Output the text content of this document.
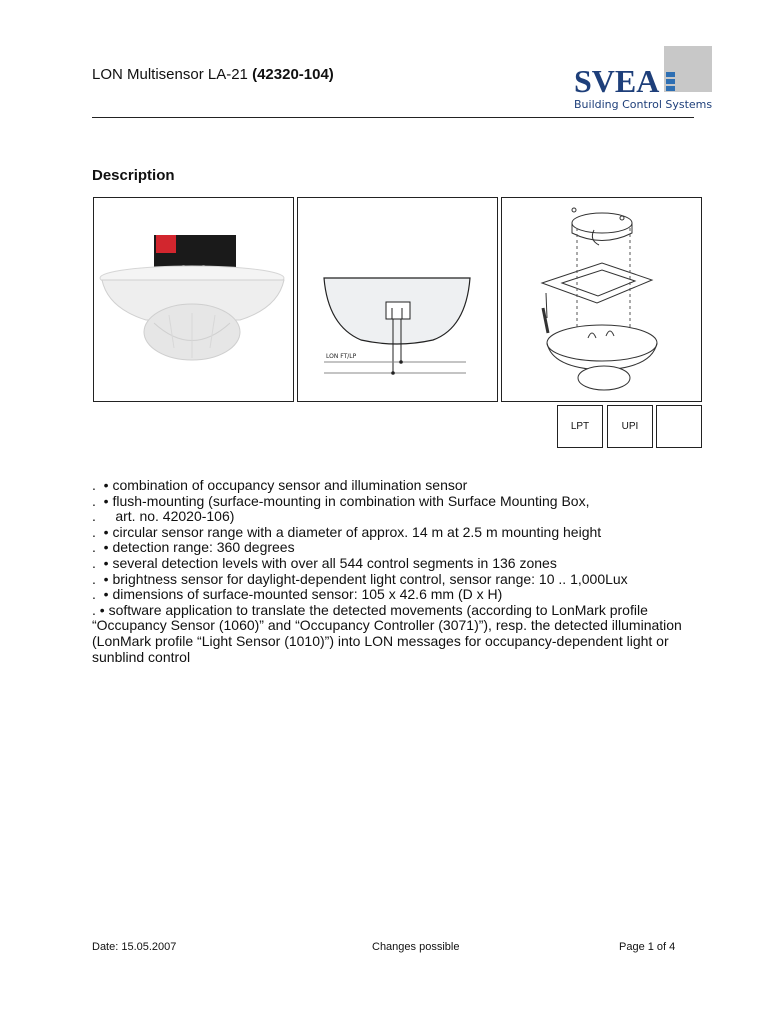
LON Multisensor LA-21 (42320-104)	SVEA
Building Control Systems
Description
LON FT/LP
LPT	UPI
.  • combination of occupancy sensor and illumination sensor
.  • flush-mounting (surface-mounting in combination with Surface Mounting Box,
.     art. no. 42020-106)
.  • circular sensor range with a diameter of approx. 14 m at 2.5 m mounting height
.  • detection range: 360 degrees
.  • several detection levels with over all 544 control segments in 136 zones
.  • brightness sensor for daylight-dependent light control, sensor range: 10 .. 1,000Lux
.  • dimensions of surface-mounted sensor: 105 x 42.6 mm (D x H)
. • software application to translate the detected movements (according to LonMark profile “Occupancy Sensor (1060)” and “Occupancy Controller (3071)”), resp. the detected illumination (LonMark profile “Light Sensor (1010)”) into LON messages for occupancy-dependent light or sunblind control
Date: 15.05.2007	Changes possible	Page 1 of 4
